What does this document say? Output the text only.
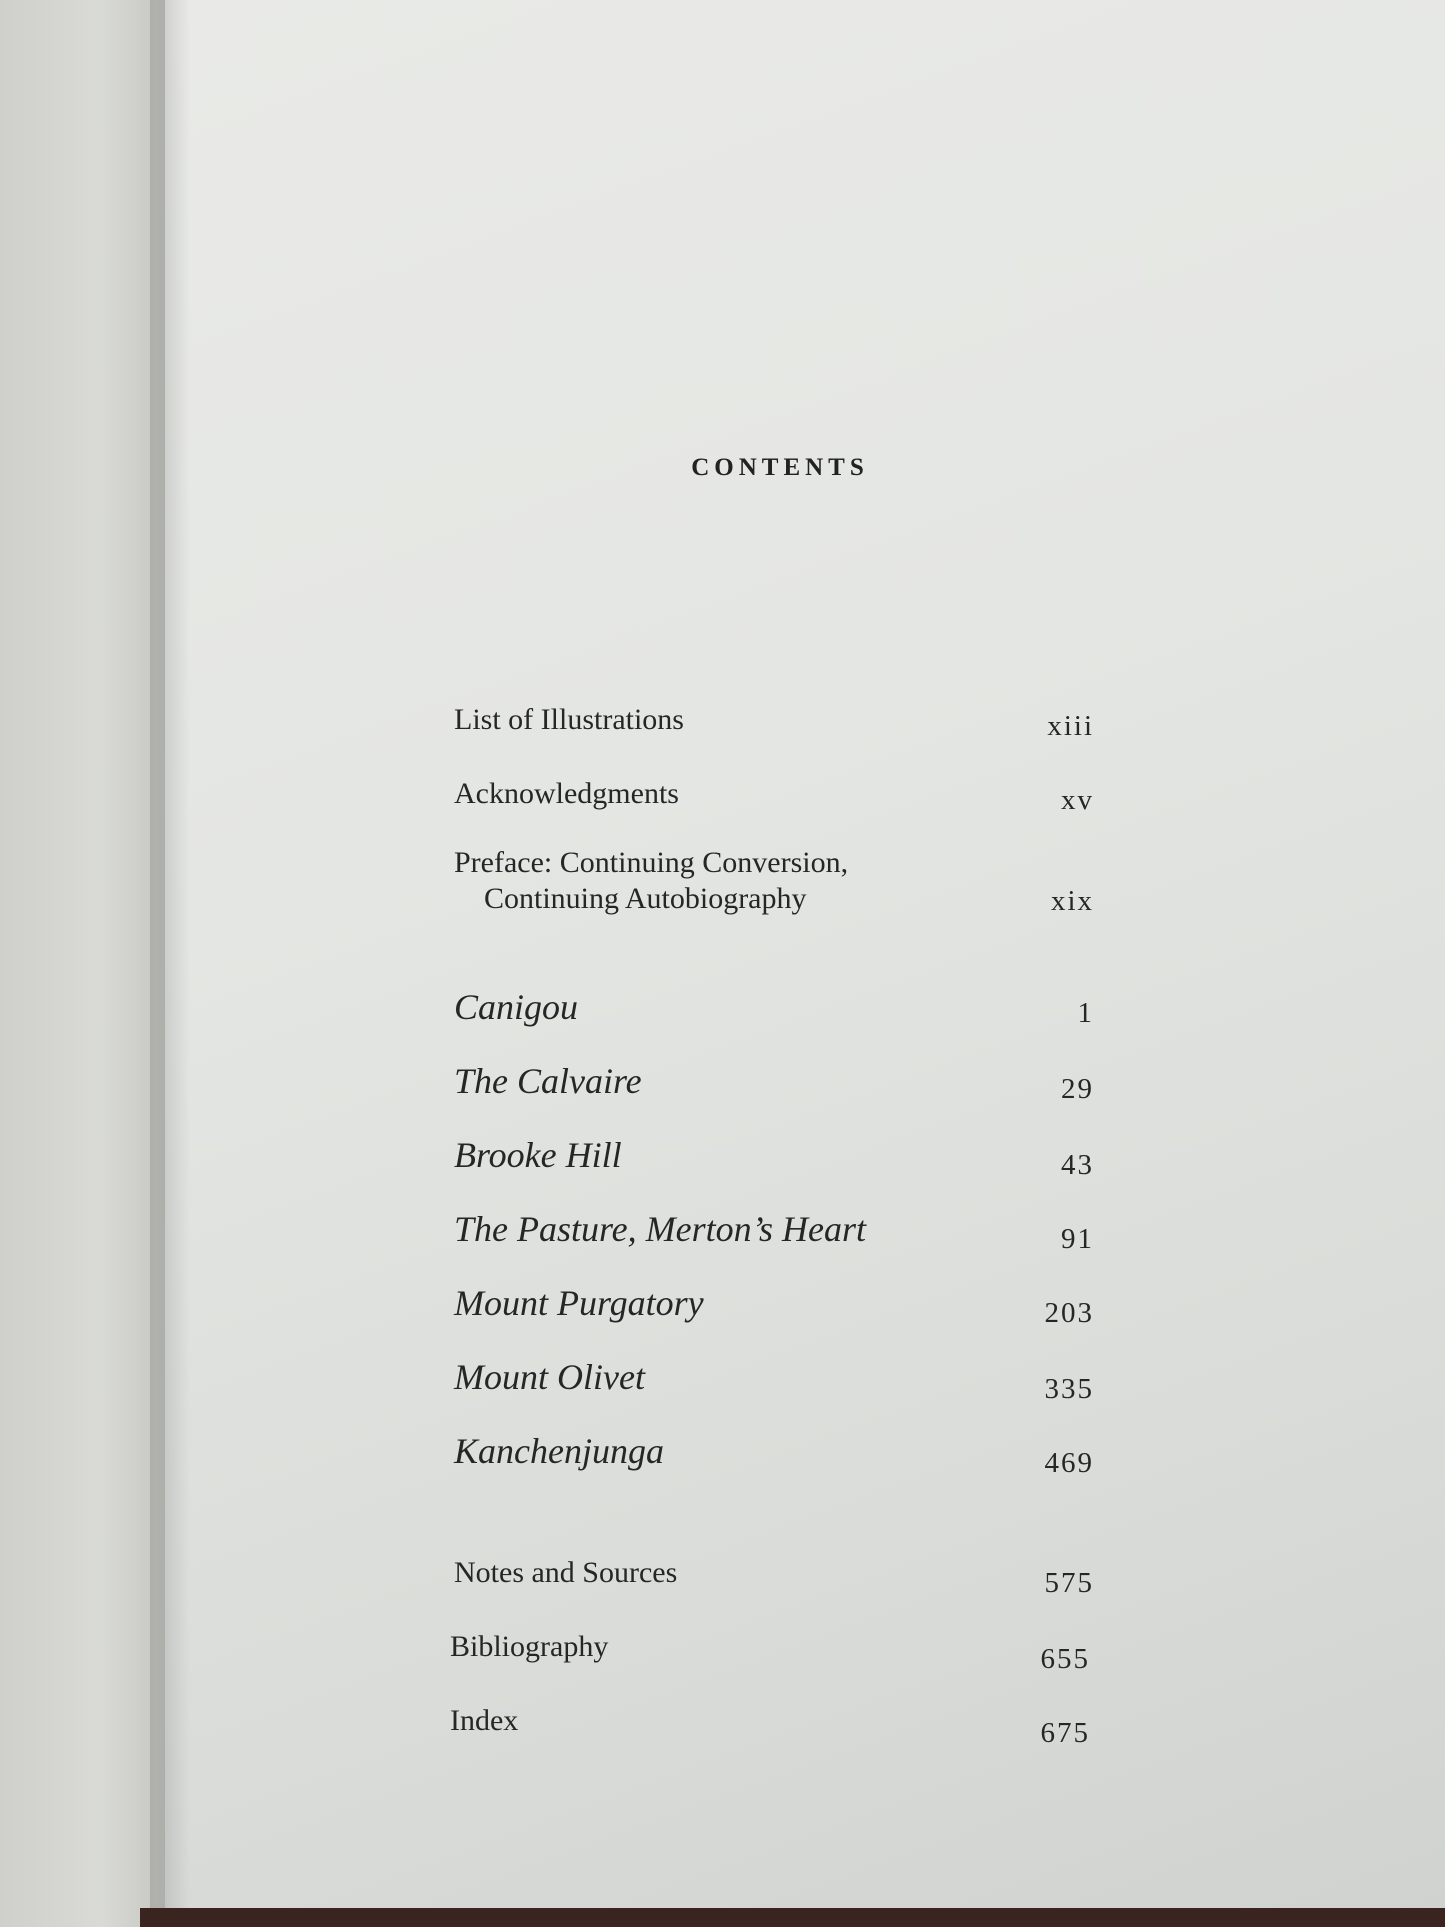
CONTENTS
List of Illustrations	xiii
Acknowledgments	xv
Preface: Continuing Conversion,
Continuing Autobiography	xix
Canigou	1
The Calvaire	29
Brooke Hill	43
The Pasture, Merton’s Heart	91
Mount Purgatory	203
Mount Olivet	335
Kanchenjunga	469
Notes and Sources	575
Bibliography	655
Index	675
